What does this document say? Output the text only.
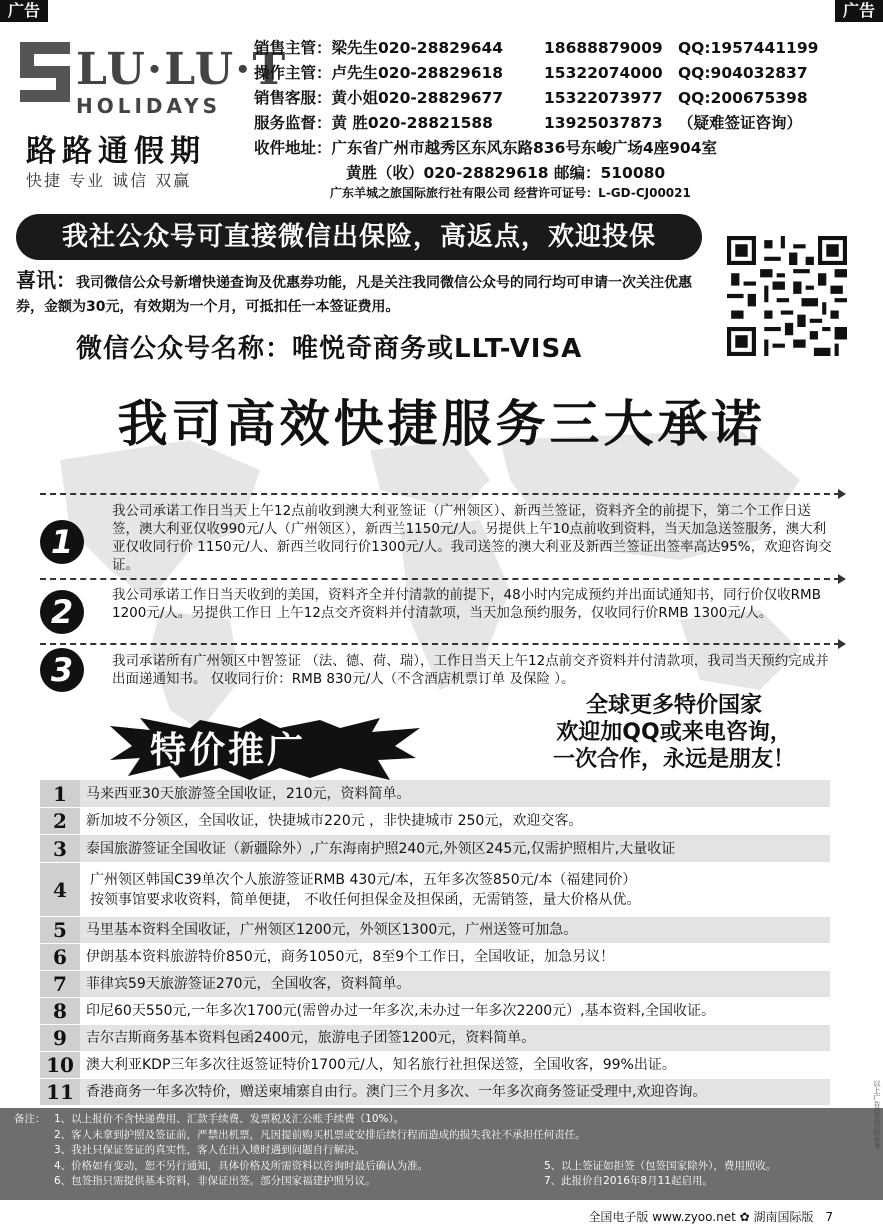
广告	广告
LU·LU·T
HOLIDAYS
路路通假期
快捷 专业 诚信 双赢
销售主管：梁先生020-28829644	18688879009 QQ:1957441199
操作主管：卢先生020-28829618	15322074000 QQ:904032837
销售客服：黄小姐020-28829677	15322073977 QQ:200675398
服务监督：黄 胜020-28821588	13925037873 （疑难签证咨询）
收件地址：广东省广州市越秀区东风东路836号东峻广场4座904室
黄胜（收）020-28829618 邮编：510080
广东羊城之旅国际旅行社有限公司 经营许可证号：L-GD-CJ00021
我社公众号可直接微信出保险，高返点，欢迎投保
喜讯：我司微信公众号新增快递查询及优惠券功能，凡是关注我同微信公众号的同行均可申请一次关注优惠券，金额为30元，有效期为一个月，可抵扣任一本签证费用。
微信公众号名称：唯悦奇商务或LLT-VISA
我司高效快捷服务三大承诺
1
我公司承诺工作日当天上午12点前收到澳大利亚签证（广州领区）、新西兰签证，资料齐全的前提下，第二个工作日送签，澳大利亚仅收990元/人（广州领区），新西兰1150元/人。另提供上午10点前收到资料，当天加急送签服务，澳大利亚仅收同行价 1150元/人、新西兰收同行价1300元/人。我司送签的澳大利亚及新西兰签证出签率高达95%，欢迎咨询交证。
2	我公司承诺工作日当天收到的美国，资料齐全并付清款的前提下，48小时内完成预约并出面试通知书，同行价仅收RMB 1200元/人。另提供工作日 上午12点交齐资料并付清款项，当天加急预约服务，仅收同行价RMB 1300元/人。
3	我司承诺所有广州领区中智签证 （法、德、荷、瑞），工作日当天上午12点前交齐资料并付清款项，我司当天预约完成并出面递通知书。 仅收同行价：RMB 830元/人（不含酒店机票订单 及保险 ）。
特价推广
全球更多特价国家
欢迎加QQ或来电咨询，
一次合作，永远是朋友！
1	马来西亚30天旅游签全国收证，210元，资料简单。
2	新加坡不分领区，全国收证，快捷城市220元 ，非快捷城市 250元，欢迎交客。
3	泰国旅游签证全国收证（新疆除外）,广东海南护照240元,外领区245元,仅需护照相片,大量收证
4	广州领区韩国C39单次个人旅游签证RMB 430元/本，五年多次签850元/本（福建同价）
按领事馆要求收资料，简单便捷， 不收任何担保金及担保函，无需销签，量大价格从优。
5	马里基本资料全国收证，广州领区1200元，外领区1300元，广州送签可加急。
6	伊朗基本资料旅游特价850元，商务1050元，8至9个工作日，全国收证，加急另议！
7	菲律宾59天旅游签证270元，全国收客，资料简单。
8	印尼60天550元,一年多次1700元(需曾办过一年多次,未办过一年多次2200元）,基本资料,全国收证。
9	吉尔吉斯商务基本资料包函2400元，旅游电子团签1200元，资料简单。
10 澳大利亚KDP三年多次往返签证特价1700元/人，知名旅行社担保送签，全国收客，99%出证。
11 香港商务一年多次特价，赠送柬埔寨自由行。澳门三个月多次、一年多次商务签证受理中,欢迎咨询。
备注： 1、以上报价不含快递费用、汇款手续费、发票税及汇公账手续费（10%）。
2、客人未拿到护照及签证前，严禁出机票，凡因提前购买机票或安排后续行程而造成的损失我社不承担任何责任。
3、我社只保证签证的真实性，客人在出入境时遇到问题自行解决。
4、价格如有变动，恕不另行通知，具体价格及所需资料以咨询时最后确认为准。	5、以上签证如拒签（包签国家除外），费用照收。
6、包签指只需提供基本资料，非保证出签。部分国家福建护照另议。	7、此报价自2016年8月11起启用。
全国电子版 www.zyoo.net ✿ 湖南国际版 7
以上广告信息仅供参考
